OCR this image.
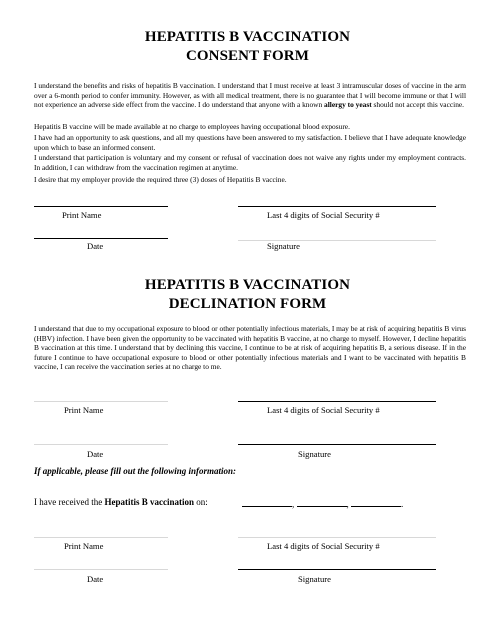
HEPATITIS B VACCINATION
CONSENT FORM
I understand the benefits and risks of hepatitis B vaccination. I understand that I must receive at least 3 intramuscular doses of vaccine in the arm over a 6-month period to confer immunity. However, as with all medical treatment, there is no guarantee that I will become immune or that I will not experience an adverse side effect from the vaccine. I do understand that anyone with a known allergy to yeast should not accept this vaccine.
Hepatitis B vaccine will be made available at no charge to employees having occupational blood exposure.
I have had an opportunity to ask questions, and all my questions have been answered to my satisfaction. I believe that I have adequate knowledge upon which to base an informed consent.
I understand that participation is voluntary and my consent or refusal of vaccination does not waive any rights under my employment contracts. In addition, I can withdraw from the vaccination regimen at anytime.
I desire that my employer provide the required three (3) doses of Hepatitis B vaccine.
Print Name	Last 4 digits of Social Security #
Date	Signature
HEPATITIS B VACCINATION
DECLINATION FORM
I understand that due to my occupational exposure to blood or other potentially infectious materials, I may be at risk of acquiring hepatitis B virus (HBV) infection. I have been given the opportunity to be vaccinated with hepatitis B vaccine, at no charge to myself. However, I decline hepatitis B vaccination at this time. I understand that by declining this vaccine, I continue to be at risk of acquiring hepatitis B, a serious disease. If in the future I continue to have occupational exposure to blood or other potentially infectious materials and I want to be vaccinated with hepatitis B vaccine, I can receive the vaccination series at no charge to me.
Print Name	Last 4 digits of Social Security #
Date	Signature
If applicable, please fill out the following information:
I have received the Hepatitis B vaccination on:	,	,	.
Print Name	Last 4 digits of Social Security #
Date	Signature
